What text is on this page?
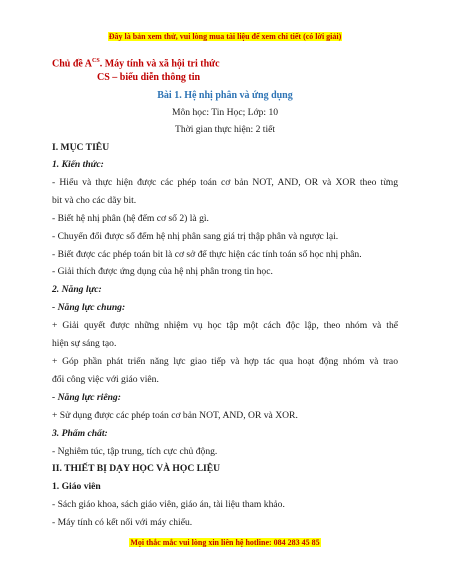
Đây là bản xem thử, vui lòng mua tài liệu để xem chi tiết (có lời giải)
Chủ đề $A^{CS}$. Máy tính và xã hội tri thức
CS – biểu diễn thông tin
Bài 1. Hệ nhị phân và ứng dụng
Môn học: Tin Học; Lớp: 10
Thời gian thực hiện: 2 tiết
I. MỤC TIÊU
1. Kiến thức:
- Hiểu và thực hiện được các phép toán cơ bản NOT, AND, OR và XOR theo từng
bit và cho các dãy bit.
- Biết hệ nhị phân (hệ đếm cơ số 2) là gì.
- Chuyển đổi được số đếm hệ nhị phân sang giá trị thập phân và ngược lại.
- Biết được các phép toán bit là cơ sở để thực hiện các tính toán số học nhị phân.
- Giải thích được ứng dụng của hệ nhị phân trong tin học.
2. Năng lực:
- Năng lực chung:
+ Giải quyết được những nhiệm vụ học tập một cách độc lập, theo nhóm và thể
hiện sự sáng tạo.
+ Góp phần phát triển năng lực giao tiếp và hợp tác qua hoạt động nhóm và trao
đổi công việc với giáo viên.
- Năng lực riêng:
+ Sử dụng được các phép toán cơ bản NOT, AND, OR và XOR.
3. Phẩm chất:
- Nghiêm túc, tập trung, tích cực chủ động.
II. THIẾT BỊ DẠY HỌC VÀ HỌC LIỆU
1. Giáo viên
- Sách giáo khoa, sách giáo viên, giáo án, tài liệu tham khảo.
- Máy tính có kết nối với máy chiếu.
Mọi thắc mắc vui lòng xin liên hệ hotline: 084 283 45 85
